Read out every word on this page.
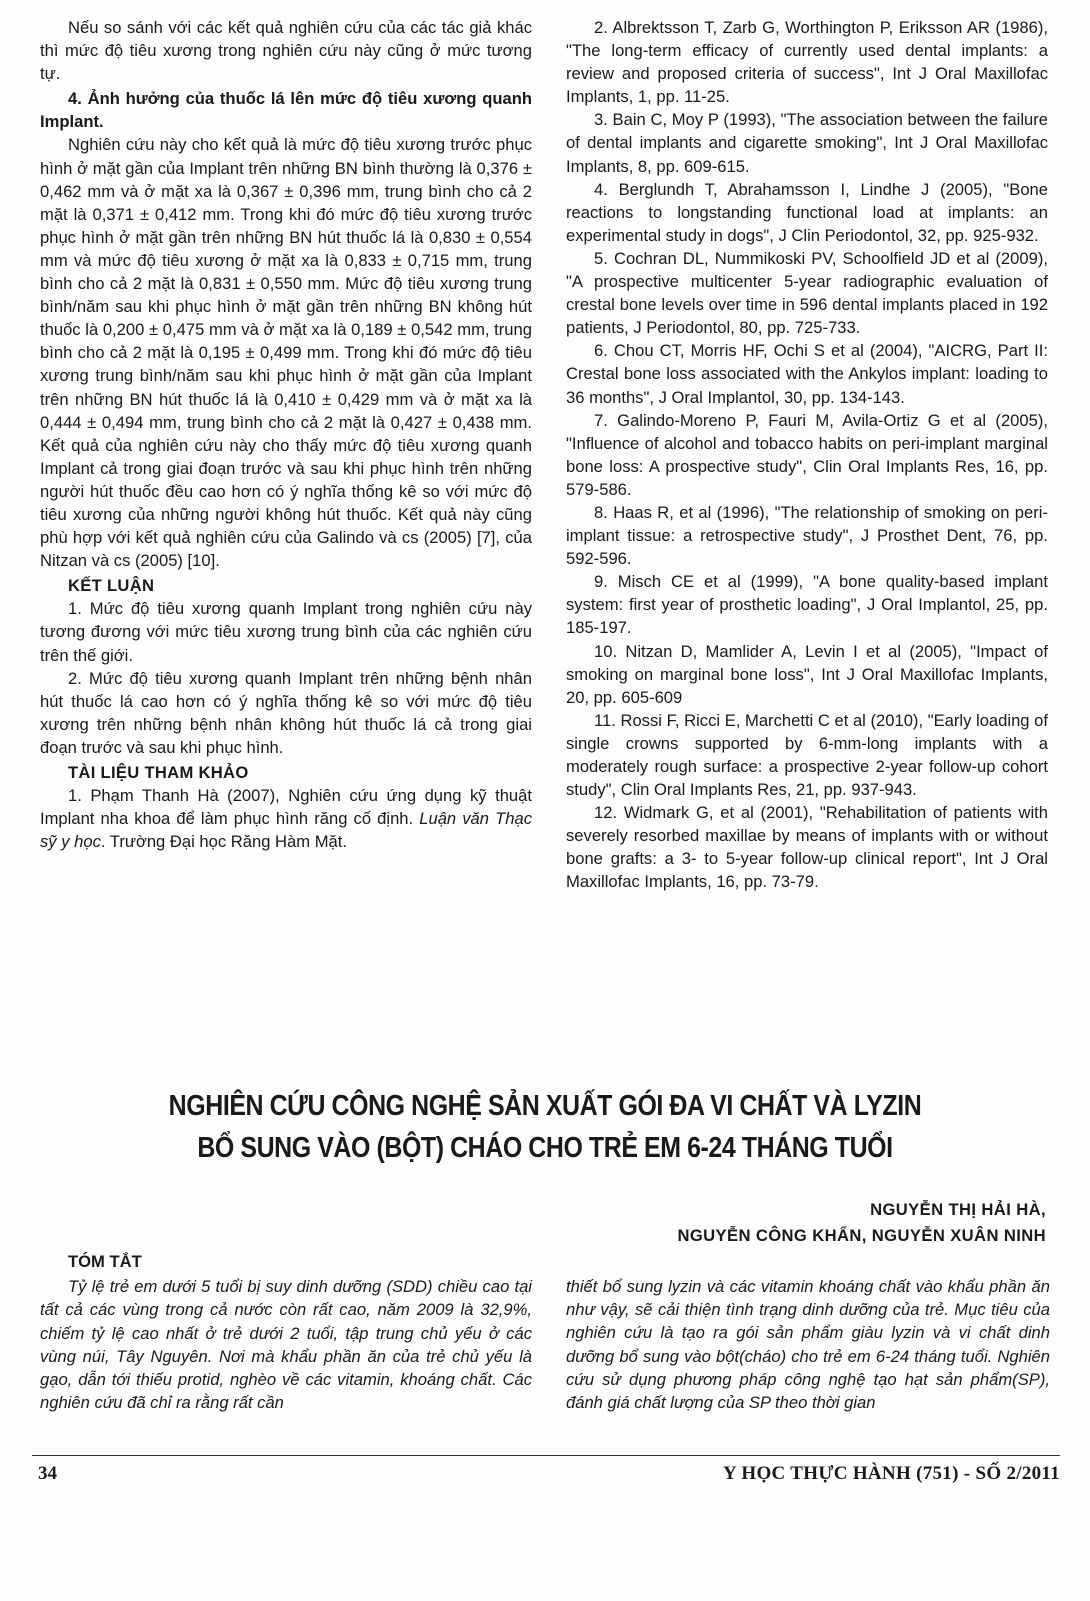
Nếu so sánh với các kết quả nghiên cứu của các tác giả khác thì mức độ tiêu xương trong nghiên cứu này cũng ở mức tương tự.

4. Ảnh hưởng của thuốc lá lên mức độ tiêu xương quanh Implant.

Nghiên cứu này cho kết quả là mức độ tiêu xương trước phục hình ở mặt gần của Implant trên những BN bình thường là 0,376 ± 0,462 mm và ở mặt xa là 0,367 ± 0,396 mm, trung bình cho cả 2 mặt là 0,371 ± 0,412 mm. Trong khi đó mức độ tiêu xương trước phục hình ở mặt gần trên những BN hút thuốc lá là 0,830 ± 0,554 mm và mức độ tiêu xương ở mặt xa là 0,833 ± 0,715 mm, trung bình cho cả 2 mặt là 0,831 ± 0,550 mm. Mức độ tiêu xương trung bình/năm sau khi phục hình ở mặt gần trên những BN không hút thuốc là 0,200 ± 0,475 mm và ở mặt xa là 0,189 ± 0,542 mm, trung bình cho cả 2 mặt là 0,195 ± 0,499 mm. Trong khi đó mức độ tiêu xương trung bình/năm sau khi phục hình ở mặt gần của Implant trên những BN hút thuốc lá là 0,410 ± 0,429 mm và ở mặt xa là 0,444 ± 0,494 mm, trung bình cho cả 2 mặt là 0,427 ± 0,438 mm. Kết quả của nghiên cứu này cho thấy mức độ tiêu xương quanh Implant cả trong giai đoạn trước và sau khi phục hình trên những người hút thuốc đều cao hơn có ý nghĩa thống kê so với mức độ tiêu xương của những người không hút thuốc. Kết quả này cũng phù hợp với kết quả nghiên cứu của Galindo và cs (2005) [7], của Nitzan và cs (2005) [10].

KẾT LUẬN

1. Mức độ tiêu xương quanh Implant trong nghiên cứu này tương đương với mức tiêu xương trung bình của các nghiên cứu trên thế giới.

2. Mức độ tiêu xương quanh Implant trên những bệnh nhân hút thuốc lá cao hơn có ý nghĩa thống kê so với mức độ tiêu xương trên những bệnh nhân không hút thuốc lá cả trong giai đoạn trước và sau khi phục hình.

TÀI LIỆU THAM KHẢO

1. Phạm Thanh Hà (2007), Nghiên cứu ứng dụng kỹ thuật Implant nha khoa để làm phục hình răng cố định. Luận văn Thạc sỹ y học. Trường Đại học Răng Hàm Mặt.

2. Albrektsson T, Zarb G, Worthington P, Eriksson AR (1986), "The long-term efficacy of currently used dental implants: a review and proposed criteria of success", Int J Oral Maxillofac Implants, 1, pp. 11-25.

3. Bain C, Moy P (1993), "The association between the failure of dental implants and cigarette smoking", Int J Oral Maxillofac Implants, 8, pp. 609-615.

4. Berglundh T, Abrahamsson I, Lindhe J (2005), "Bone reactions to longstanding functional load at implants: an experimental study in dogs", J Clin Periodontol, 32, pp. 925-932.

5. Cochran DL, Nummikoski PV, Schoolfield JD et al (2009), "A prospective multicenter 5-year radiographic evaluation of crestal bone levels over time in 596 dental implants placed in 192 patients, J Periodontol, 80, pp. 725-733.

6. Chou CT, Morris HF, Ochi S et al (2004), "AICRG, Part II: Crestal bone loss associated with the Ankylos implant: loading to 36 months", J Oral Implantol, 30, pp. 134-143.

7. Galindo-Moreno P, Fauri M, Avila-Ortiz G et al (2005), "Influence of alcohol and tobacco habits on peri-implant marginal bone loss: A prospective study", Clin Oral Implants Res, 16, pp. 579-586.

8. Haas R, et al (1996), "The relationship of smoking on peri-implant tissue: a retrospective study", J Prosthet Dent, 76, pp. 592-596.

9. Misch CE et al (1999), "A bone quality-based implant system: first year of prosthetic loading", J Oral Implantol, 25, pp. 185-197.

10. Nitzan D, Mamlider A, Levin I et al (2005), "Impact of smoking on marginal bone loss", Int J Oral Maxillofac Implants, 20, pp. 605-609

11. Rossi F, Ricci E, Marchetti C et al (2010), "Early loading of single crowns supported by 6-mm-long implants with a moderately rough surface: a prospective 2-year follow-up cohort study", Clin Oral Implants Res, 21, pp. 937-943.

12. Widmark G, et al (2001), "Rehabilitation of patients with severely resorbed maxillae by means of implants with or without bone grafts: a 3- to 5-year follow-up clinical report", Int J Oral Maxillofac Implants, 16, pp. 73-79.

NGHIÊN CỨU CÔNG NGHỆ SẢN XUẤT GÓI ĐA VI CHẤT VÀ LYZIN
BỔ SUNG VÀO (BỘT) CHÁO CHO TRẺ EM 6-24 THÁNG TUỔI
NGUYỄN THỊ HẢI HÀ,
NGUYỄN CÔNG KHẨN, NGUYỄN XUÂN NINH

TÓM TẮT

Tỷ lệ trẻ em dưới 5 tuổi bị suy dinh dưỡng (SDD) chiều cao tại tất cả các vùng trong cả nước còn rất cao, năm 2009 là 32,9%, chiếm tỷ lệ cao nhất ở trẻ dưới 2 tuổi, tập trung chủ yếu ở các vùng núi, Tây Nguyên. Nơi mà khẩu phần ăn của trẻ chủ yếu là gạo, dẫn tới thiếu protid, nghèo về các vitamin, khoáng chất. Các nghiên cứu đã chỉ ra rằng rất cần

thiết bổ sung lyzin và các vitamin khoáng chất vào khẩu phần ăn như vậy, sẽ cải thiện tình trạng dinh dưỡng của trẻ. Mục tiêu của nghiên cứu là tạo ra gói sản phẩm giàu lyzin và vi chất dinh dưỡng bổ sung vào bột(cháo) cho trẻ em 6-24 tháng tuổi. Nghiên cứu sử dụng phương pháp công nghệ tạo hạt sản phẩm(SP), đánh giá chất lượng của SP theo thời gian

34	Y HỌC THỰC HÀNH (751) - SỐ 2/2011
